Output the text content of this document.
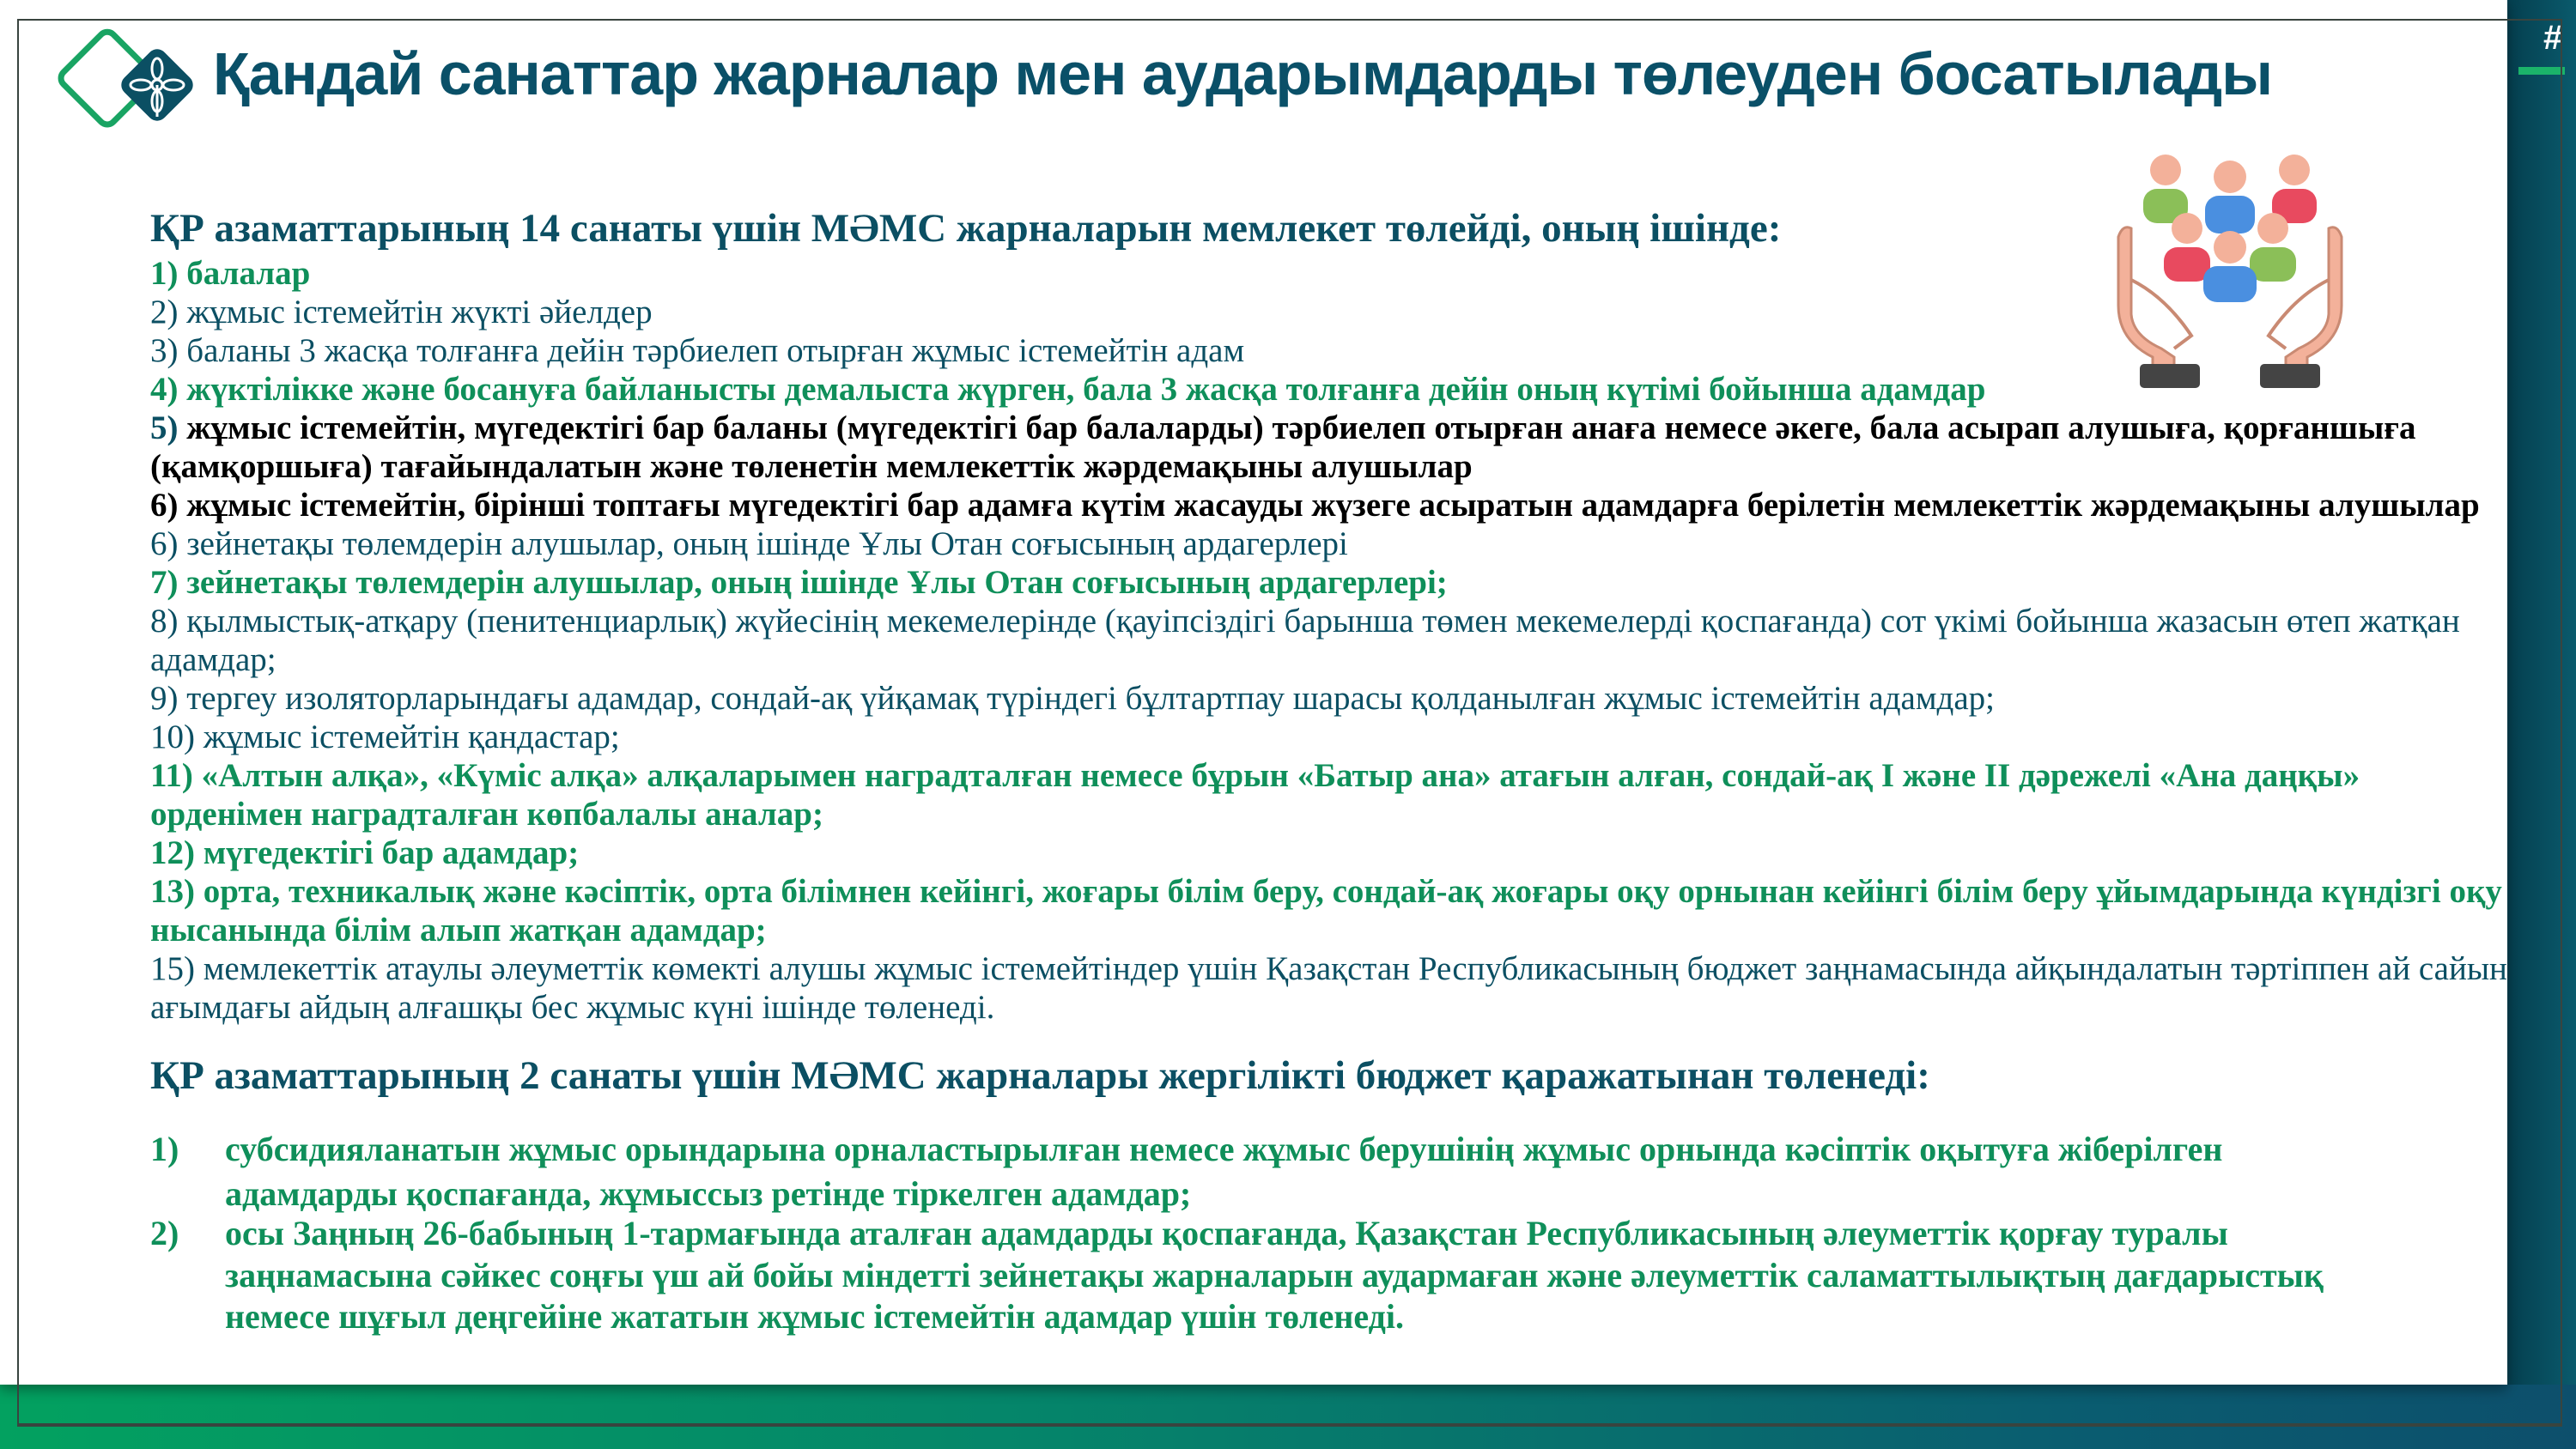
#
Қандай санаттар жарналар мен аударымдарды төлеуден босатылады
ҚР азаматтарының 14 санаты үшін МӘМС жарналарын мемлекет төлейді, оның ішінде:
1) балалар
2) жұмыс істемейтін жүкті әйелдер
3) баланы 3 жасқа толғанға дейін тәрбиелеп отырған жұмыс істемейтін адам
4) жүктілікке және босануға байланысты демалыста жүрген, бала 3 жасқа толғанға дейін оның күтімі бойынша адамдар
5) жұмыс істемейтін, мүгедектігі бар баланы (мүгедектігі бар балаларды) тәрбиелеп отырған анаға немесе әкеге, бала асырап алушыға, қорғаншыға
(қамқоршыға) тағайындалатын және төленетін мемлекеттік жәрдемақыны алушылар
6) жұмыс істемейтін, бірінші топтағы мүгедектігі бар адамға күтім жасауды жүзеге асыратын адамдарға берілетін мемлекеттік жәрдемақыны алушылар
6) зейнетақы төлемдерін алушылар, оның ішінде Ұлы Отан соғысының ардагерлері
7) зейнетақы төлемдерін алушылар, оның ішінде Ұлы Отан соғысының ардагерлері;
8) қылмыстық-атқару (пенитенциарлық) жүйесінің мекемелерінде (қауіпсіздігі барынша төмен мекемелерді қоспағанда) сот үкімі бойынша жазасын өтеп жатқан
адамдар;
9) тергеу изоляторларындағы адамдар, сондай-ақ үйқамақ түріндегі бұлтартпау шарасы қолданылған жұмыс істемейтін адамдар;
10) жұмыс істемейтін қандастар;
11) «Алтын алқа», «Күміс алқа» алқаларымен наградталған немесе бұрын «Батыр ана» атағын алған, сондай-ақ І және ІІ дәрежелі «Ана даңқы»
орденімен наградталған көпбалалы аналар;
12) мүгедектігі бар адамдар;
13) орта, техникалық және кәсіптік, орта білімнен кейінгі, жоғары білім беру, сондай-ақ жоғары оқу орнынан кейінгі білім беру ұйымдарында күндізгі оқу
нысанында білім алып жатқан адамдар;
15) мемлекеттік атаулы әлеуметтік көмекті алушы жұмыс істемейтіндер үшін Қазақстан Республикасының бюджет заңнамасында айқындалатын тәртіппен ай сайын
ағымдағы айдың алғашқы бес жұмыс күні ішінде төленеді.
ҚР азаматтарының 2 санаты үшін МӘМС жарналары жергілікті бюджет қаражатынан төленеді:
1) субсидияланатын жұмыс орындарына орналастырылған немесе жұмыс берушінің жұмыс орнында кәсіптік оқытуға жіберілген
адамдарды қоспағанда, жұмыссыз ретінде тіркелген адамдар;
2) осы Заңның 26-бабының 1-тармағында аталған адамдарды қоспағанда, Қазақстан Республикасының әлеуметтік қорғау туралы
заңнамасына сәйкес соңғы үш ай бойы міндетті зейнетақы жарналарын аудармаған және әлеуметтік саламаттылықтың дағдарыстық
немесе шұғыл деңгейіне жататын жұмыс істемейтін адамдар үшін төленеді.
